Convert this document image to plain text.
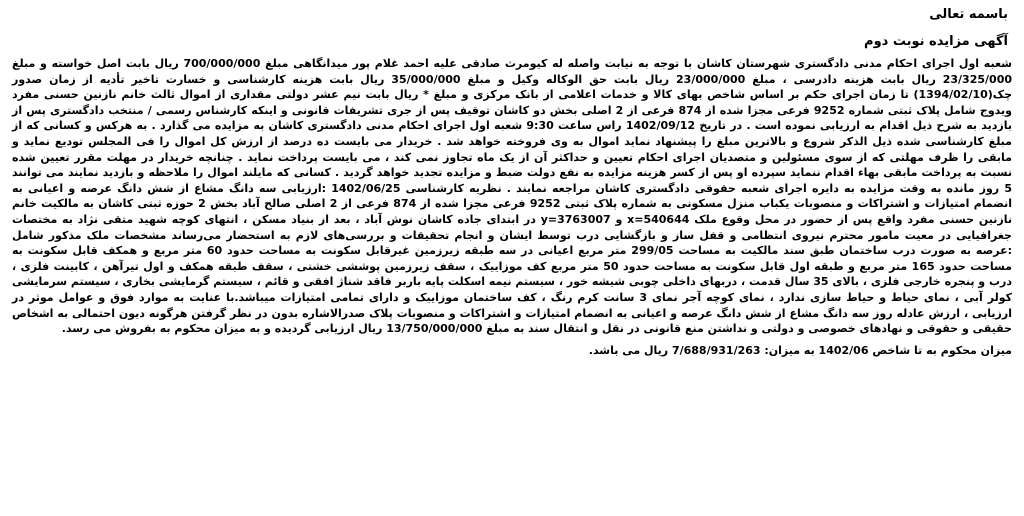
باسمه تعالی
آگهی مزایده نوبت دوم

شعبه اول اجرای احکام مدنی دادگستری شهرستان کاشان با توجه به نیابت واصله له کیومرث صادقی علیه احمد غلام پور میدانگاهی مبلغ 700/000/000 ریال بابت اصل خواسته و مبلغ 23/325/000 ریال بابت هزینه دادرسی ، مبلغ 23/000/000 ریال بابت حق الوکاله وکیل و مبلغ 35/000/000 ریال بابت هزینه کارشناسی و خسارت تاخیر تأدیه از زمان صدور چک(1394/02/10) تا زمان اجرای حکم بر اساس شاخص بهای کالا و خدمات اعلامی از بانک مرکزی و مبلغ * ریال بابت نیم عشر دولتی مقداری از اموال ثالث خانم نازنین حسنی مفرد ویدوج شامل پلاک ثبتی شماره 9252 فرعی مجزا شده از 874 فرعی از 2 اصلی بخش دو کاشان توقیف پس از جری تشریفات قانونی و اینکه کارشناس رسمی / منتخب دادگستری پس از بازدید به شرح ذیل اقدام به ارزیابی نموده است . در تاریخ 1402/09/12 راس ساعت 9:30 شعبه اول اجرای احکام مدنی دادگستری کاشان به مزایده می گذارد . به هرکس و کسانی که از مبلغ کارشناسی شده ذیل الذکر شروع و بالاترین مبلغ را پیشنهاد نماید اموال به وی فروخته خواهد شد . خریدار می بایست ده درصد از ارزش کل اموال را فی المجلس تودیع نماید و مابقی را ظرف مهلتی که از سوی مسئولین و متصدیان اجرای احکام تعیین و حداکثر آن از یک ماه تجاوز نمی کند ، می بایست پرداخت نماید . چنانچه خریدار در مهلت مقرر تعیین شده نسبت به پرداخت مابقی بهاء اقدام ننماید سپرده او پس از کسر هزینه مزایده به نفع دولت ضبط و مزایده تجدید خواهد گردید . کسانی که مایلند اموال را ملاحظه و بازدید نمایند می توانند 5 روز مانده به وقت مزایده به دایره اجرای شعبه حقوقی دادگستری کاشان مراجعه نمایند . نظریه کارشناسی 1402/06/25 :ارزیابی سه دانگ مشاع از شش دانگ عرصه و اعیانی به انضمام امتیازات و اشتراکات و منصوبات یکباب منزل مسکونی به شماره پلاک ثبتی 9252 فرعی مجزا شده از 874 فرعی از 2 اصلی صالح آباد بخش 2 حوزه ثبتی کاشان به مالکیت خانم نازنین حسنی مفرد واقع پس از حضور در محل وقوع ملک x=540644 و y=3763007 در ابتدای جاده کاشان نوش آباد ، بعد از بنیاد مسکن ، انتهای کوچه شهید متقی نژاد به مختصات جغرافیایی در معیت مامور محترم نیروی انتظامی و قفل ساز و بازگشایی درب توسط ایشان و انجام تحقیقات و بررسی‌های لازم به استحضار می‌رساند مشخصات ملک مذکور شامل :عرصه به صورت درب ساختمان طبق سند مالکیت به مساحت 299/05 متر مربع اعیانی در سه طبقه زیرزمین غیرقابل سکونت به مساحت حدود 60 متر مربع و همکف قابل سکونت به مساحت حدود 165 متر مربع و طبقه اول قابل سکونت به مساحت حدود 50 متر مربع کف موزاییک ، سقف زیرزمین پوششی خشتی ، سقف طبقه همکف و اول تیرآهن ، کابینت فلزی ، درب و پنجره خارجی فلزی ، بالای 35 سال قدمت ، دربهای داخلی چوبی شیشه خور ، سیستم نیمه اسکلت پایه باربر فاقد شناژ افقی و قائم ، سیستم گرمایشی بخاری ، سیستم سرمایشی کولر آبی ، نمای حیاط و حیاط سازی ندارد ، نمای کوچه آجر نمای 3 سانت کرم رنگ ، کف ساختمان موزاییک و دارای تمامی امتیازات میباشد.با عنایت به موارد فوق و عوامل موثر در ارزیابی ، ارزش عادله روز سه دانگ مشاع از شش دانگ عرصه و اعیانی به انضمام امتیازات و اشتراکات و منصوبات پلاک صدرالاشاره بدون در نظر گرفتن هرگونه دیون احتمالی به اشخاص حقیقی و حقوقی و نهادهای خصوصی و دولتی و نداشتن منع قانونی در نقل و انتقال سند به مبلغ 13/750/000/000 ریال ارزیابی گردیده و به میزان محکوم به بفروش می رسد.

میزان محکوم به تا شاخص 1402/06 به میزان: 7/688/931/263 ریال می باشد.
